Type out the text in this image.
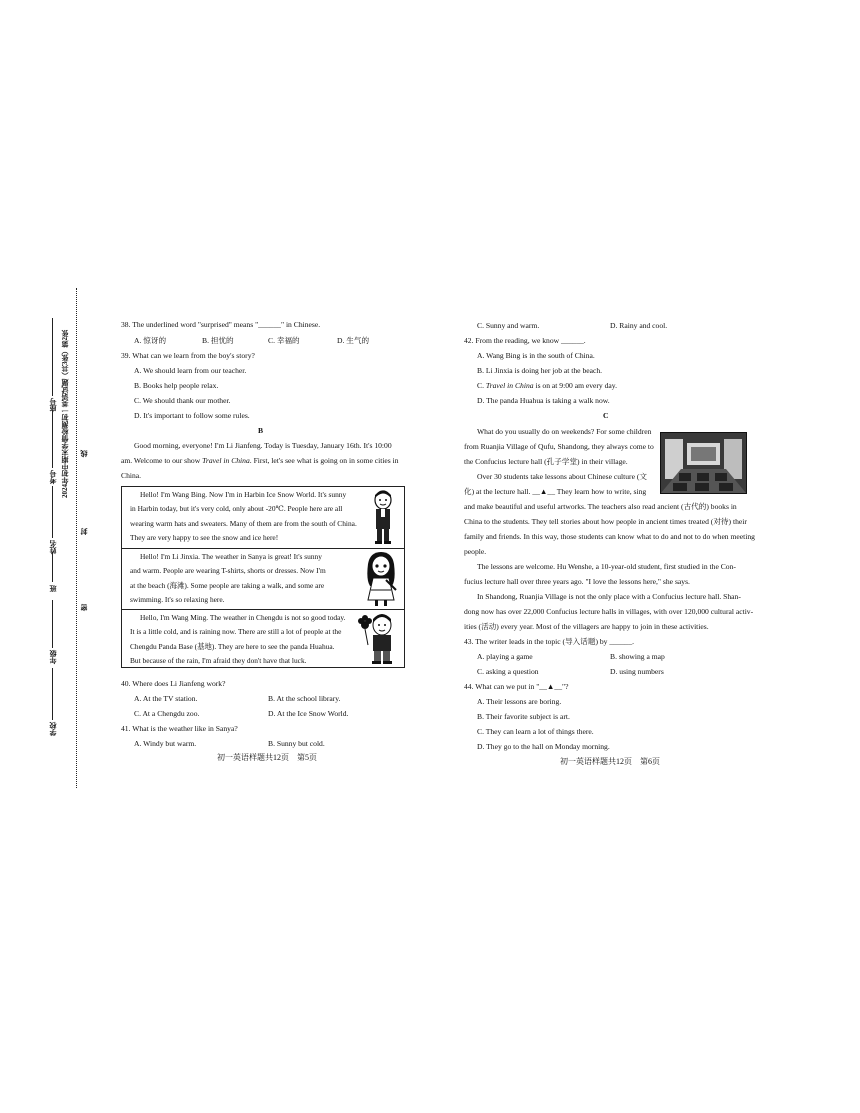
2024年初中期末学情检测初一英语试题（共3张）第2张
座号
考号
姓名
班
年级
学校
线
封
密
38. The underlined word "surprised" means "______" in Chinese.
A. 惊讶的	B. 担忧的	C. 幸福的	D. 生气的
39. What can we learn from the boy's story?
A. We should learn from our teacher.
B. Books help people relax.
C. We should thank our mother.
D. It's important to follow some rules.
B
Good morning, everyone! I'm Li Jianfeng. Today is Tuesday, January 16th. It's 10:00
am. Welcome to our show Travel in China. First, let's see what is going on in some cities in
China.
Hello! I'm Wang Bing. Now I'm in Harbin Ice Snow World. It's sunny
in Harbin today, but it's very cold, only about -20℃. People here are all
wearing warm hats and sweaters. Many of them are from the south of China.
They are very happy to see the snow and ice here!
Hello! I'm Li Jinxia. The weather in Sanya is great! It's sunny
and warm. People are wearing T-shirts, shorts or dresses. Now I'm
at the beach (海滩). Some people are taking a walk, and some are
swimming. It's so relaxing here.
Hello, I'm Wang Ming. The weather in Chengdu is not so good today.
It is a little cold, and is raining now. There are still a lot of people at the
Chengdu Panda Base (基地). They are here to see the panda Huahua.
But because of the rain, I'm afraid they don't have that luck.
40. Where does Li Jianfeng work?
A. At the TV station.	B. At the school library.
C. At a Chengdu zoo.	D. At the Ice Snow World.
41. What is the weather like in Sanya?
A. Windy but warm.	B. Sunny but cold.
初一英语样题共12页　第5页
C. Sunny and warm.	D. Rainy and cool.
42. From the reading, we know ______.
A. Wang Bing is in the south of China.
B. Li Jinxia is doing her job at the beach.
C. Travel in China is on at 9:00 am every day.
D. The panda Huahua is taking a walk now.
C
What do you usually do on weekends? For some children
from Ruanjia Village of Qufu, Shandong, they always come to
the Confucius lecture hall (孔子学堂) in their village.
Over 30 students take lessons about Chinese culture (文
化) at the lecture hall. __▲__ They learn how to write, sing
and make beautiful and useful artworks. The teachers also read ancient (古代的) books in
China to the students. They tell stories about how people in ancient times treated (对待) their
family and friends. In this way, those students can know what to do and not to do when meeting
people.
The lessons are welcome. Hu Wenshe, a 10-year-old student, first studied in the Con-
fucius lecture hall over three years ago. "I love the lessons here," she says.
In Shandong, Ruanjia Village is not the only place with a Confucius lecture hall. Shan-
dong now has over 22,000 Confucius lecture halls in villages, with over 120,000 cultural activ-
ities (活动) every year. Most of the villagers are happy to join in these activities.
43. The writer leads in the topic (导入话题) by ______.
A. playing a game	B. showing a map
C. asking a question	D. using numbers
44. What can we put in "__▲__"?
A. Their lessons are boring.
B. Their favorite subject is art.
C. They can learn a lot of things there.
D. They go to the hall on Monday morning.
初一英语样题共12页　第6页
